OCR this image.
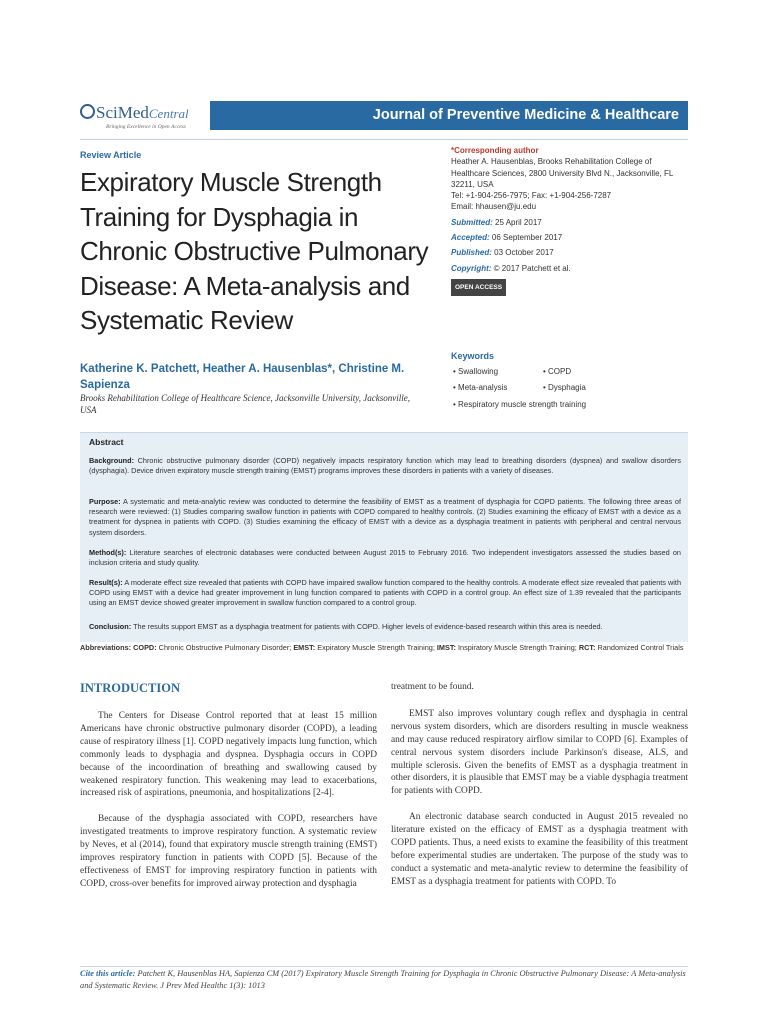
SciMedCentral
Bringing Excellence in Open Access
Journal of Preventive Medicine & Healthcare
Review Article
Expiratory Muscle Strength Training for Dysphagia in Chronic Obstructive Pulmonary Disease: A Meta-analysis and Systematic Review
Katherine K. Patchett, Heather A. Hausenblas*, Christine M. Sapienza
Brooks Rehabilitation College of Healthcare Science, Jacksonville University, Jacksonville, USA

*Corresponding author

Heather A. Hausenblas, Brooks Rehabilitation College of Healthcare Sciences, 2800 University Blvd N., Jacksonville, FL 32211, USA

Tel: +1-904-256-7975; Fax: +1-904-256-7287

Email: hhausen@ju.edu

Submitted: 25 April 2017

Accepted: 06 September 2017

Published: 03 October 2017

Copyright: © 2017 Patchett et al.

OPEN ACCESS
Keywords
• Swallowing	• COPD
• Meta-analysis	• Dysphagia
• Respiratory muscle strength training
Abstract
Background: Chronic obstructive pulmonary disorder (COPD) negatively impacts respiratory function which may lead to breathing disorders (dyspnea) and swallow disorders (dysphagia). Device driven expiratory muscle strength training (EMST) programs improves these disorders in patients with a variety of diseases.
Purpose: A systematic and meta-analytic review was conducted to determine the feasibility of EMST as a treatment of dysphagia for COPD patients. The following three areas of research were reviewed: (1) Studies comparing swallow function in patients with COPD compared to healthy controls. (2) Studies examining the efficacy of EMST with a device as a treatment for dyspnea in patients with COPD. (3) Studies examining the efficacy of EMST with a device as a dysphagia treatment in patients with peripheral and central nervous system disorders.
Method(s): Literature searches of electronic databases were conducted between August 2015 to February 2016. Two independent investigators assessed the studies based on inclusion criteria and study quality.
Result(s): A moderate effect size revealed that patients with COPD have impaired swallow function compared to the healthy controls. A moderate effect size revealed that patients with COPD using EMST with a device had greater improvement in lung function compared to patients with COPD in a control group. An effect size of 1.39 revealed that the participants using an EMST device showed greater improvement in swallow function compared to a control group.
Conclusion: The results support EMST as a dysphagia treatment for patients with COPD. Higher levels of evidence-based research within this area is needed.
Abbreviations: COPD: Chronic Obstructive Pulmonary Disorder; EMST: Expiratory Muscle Strength Training; IMST: Inspiratory Muscle Strength Training; RCT: Randomized Control Trials
INTRODUCTION

The Centers for Disease Control reported that at least 15 million Americans have chronic obstructive pulmonary disorder (COPD), a leading cause of respiratory illness [1]. COPD negatively impacts lung function, which commonly leads to dysphagia and dyspnea. Dysphagia occurs in COPD because of the incoordination of breathing and swallowing caused by weakened respiratory function. This weakening may lead to exacerbations, increased risk of aspirations, pneumonia, and hospitalizations [2-4].

Because of the dysphagia associated with COPD, researchers have investigated treatments to improve respiratory function. A systematic review by Neves, et al (2014), found that expiratory muscle strength training (EMST) improves respiratory function in patients with COPD [5]. Because of the effectiveness of EMST for improving respiratory function in patients with COPD, cross-over benefits for improved airway protection and dysphagia

treatment to be found.

EMST also improves voluntary cough reflex and dysphagia in central nervous system disorders, which are disorders resulting in muscle weakness and may cause reduced respiratory airflow similar to COPD [6]. Examples of central nervous system disorders include Parkinson's disease, ALS, and multiple sclerosis. Given the benefits of EMST as a dysphagia treatment in other disorders, it is plausible that EMST may be a viable dysphagia treatment for patients with COPD.

An electronic database search conducted in August 2015 revealed no literature existed on the efficacy of EMST as a dysphagia treatment with COPD patients. Thus, a need exists to examine the feasibility of this treatment before experimental studies are undertaken. The purpose of the study was to conduct a systematic and meta-analytic review to determine the feasibility of EMST as a dysphagia treatment for patients with COPD. To

Cite this article: Patchett K, Hausenblas HA, Sapienza CM (2017) Expiratory Muscle Strength Training for Dysphagia in Chronic Obstructive Pulmonary Disease: A Meta-analysis and Systematic Review. J Prev Med Healthc 1(3): 1013
